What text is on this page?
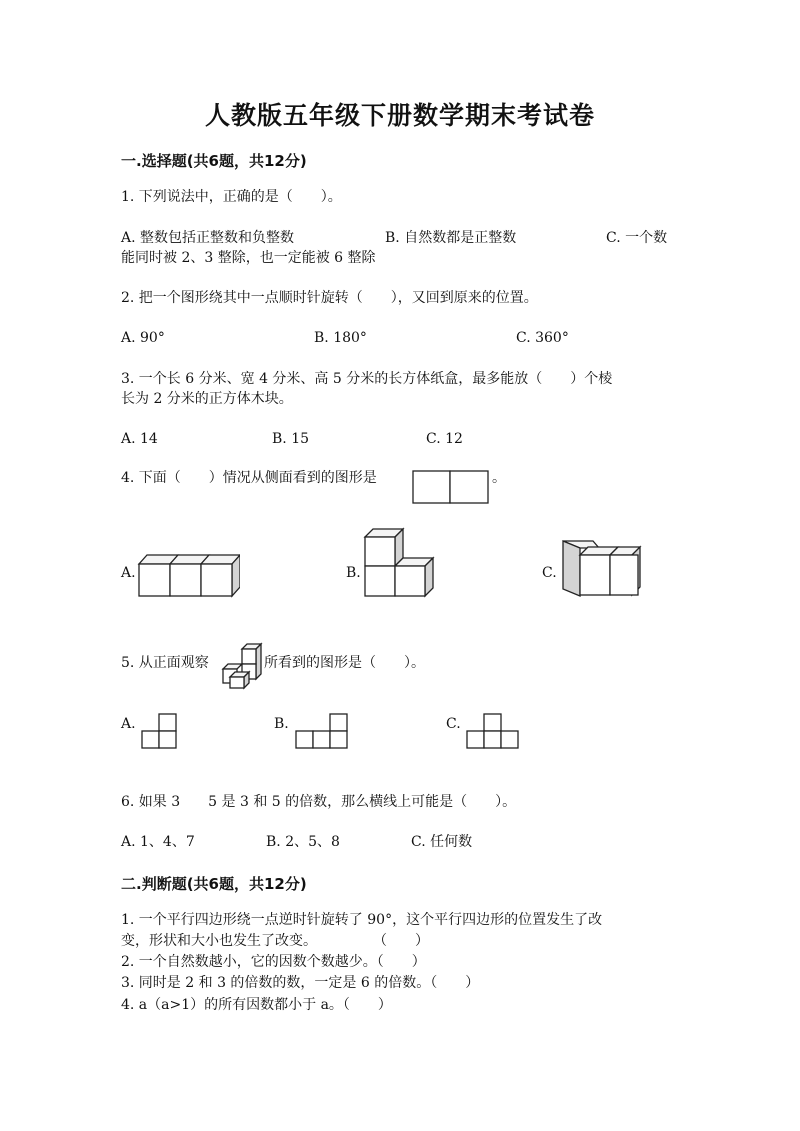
人教版五年级下册数学期末考试卷
一.选择题(共6题，共12分)
1. 下列说法中，正确的是（　　）。
A. 整数包括正整数和负整数	B. 自然数都是正整数	C. 一个数
能同时被 2、3 整除，也一定能被 6 整除
2. 把一个图形绕其中一点顺时针旋转（　　），又回到原来的位置。
A. 90°	B. 180°	C. 360°
3. 一个长 6 分米、宽 4 分米、高 5 分米的长方体纸盒，最多能放（　　）个棱
长为 2 分米的正方体木块。
A. 14	B. 15	C. 12
4. 下面（　　）情况从侧面看到的图形是	。
A.	B.	C.
5. 从正面观察	所看到的图形是（　　）。
A.	B.	C.
6. 如果 3　　5 是 3 和 5 的倍数，那么横线上可能是（　　）。
A. 1、4、7	B. 2、5、8	C. 任何数
二.判断题(共6题，共12分)
1. 一个平行四边形绕一点逆时针旋转了 90°，这个平行四边形的位置发生了改
变，形状和大小也发生了改变。　　　　　（　　）
2. 一个自然数越小，它的因数个数越少。（　　）
3. 同时是 2 和 3 的倍数的数，一定是 6 的倍数。（　　）
4. a（a>1）的所有因数都小于 a。（　　）
